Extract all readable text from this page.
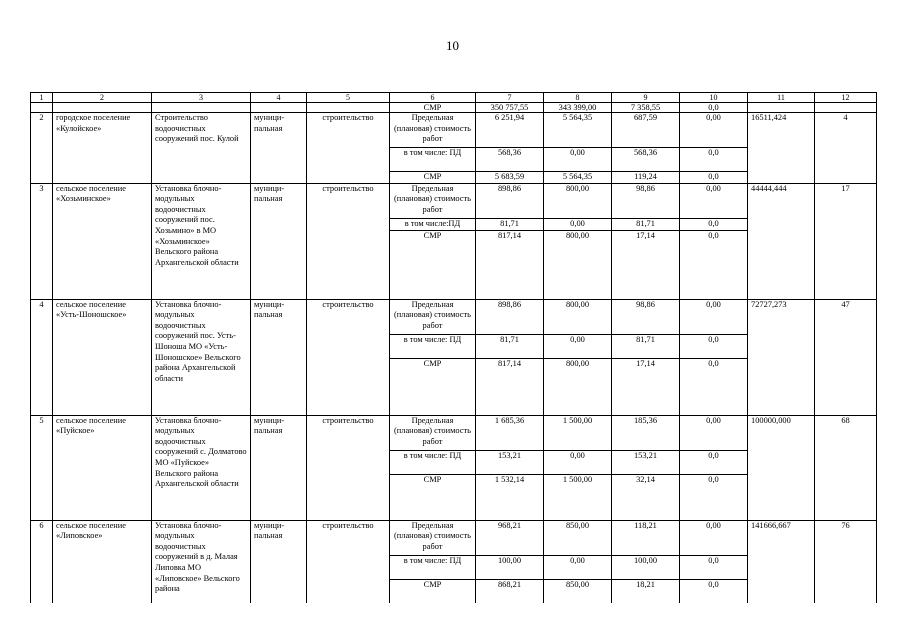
10
1	2	3	4	5	6	7	8	9	10	11	12
					СМР	350 757,55	343 399,00	7 358,55	0,0		
2	городское поселение «Кулойское»	Строительство водоочистных сооружений пос. Кулой	муници-пальная	строительство	Предельная (плановая) стоимость работ	6 251,94	5 564,35	687,59	0,00	16511,424	4
					в том числе: ПД	568,36	0,00	568,36	0,0		
					СМР	5 683,59	5 564,35	119,24	0,0		
3	сельское поселение «Хозьминское»	Установка блочно-модульных водоочистных сооружений пос. Хозьмино» в МО «Хозьминское» Вельского района Архангельской области	муници-пальная	строительство	Предельная (плановая) стоимость работ	898,86	800,00	98,86	0,00	44444,444	17
					в том числе:ПД	81,71	0,00	81,71	0,0		
					СМР	817,14	800,00	17,14	0,0		
4	сельское поселение «Усть-Шоношское»	Установка блочно-модульных водоочистных сооружений пос. Усть-Шоноша МО «Усть-Шоношское» Вельского района Архангельской области	муници-пальная	строительство	Предельная (плановая) стоимость работ	898,86	800,00	98,86	0,00	72727,273	47
					в том числе: ПД	81,71	0,00	81,71	0,0		
					СМР	817,14	800,00	17,14	0,0		
5	сельское поселение «Пуйское»	Установка блочно-модульных водоочистных сооружений с. Долматово МО «Пуйское» Вельского района Архангельской области	муници-пальная	строительство	Предельная (плановая) стоимость работ	1 685,36	1 500,00	185,36	0,00	100000,000	68
					в том числе: ПД	153,21	0,00	153,21	0,0		
					СМР	1 532,14	1 500,00	32,14	0,0		
6	сельское поселение «Липовское»	Установка блочно-модульных водоочистных сооружений в д. Малая Липовка МО «Липовское» Вельского района	муници-пальная	строительство	Предельная (плановая) стоимость работ	968,21	850,00	118,21	0,00	141666,667	76
					в том числе: ПД	100,00	0,00	100,00	0,0		
					СМР	868,21	850,00	18,21	0,0		
